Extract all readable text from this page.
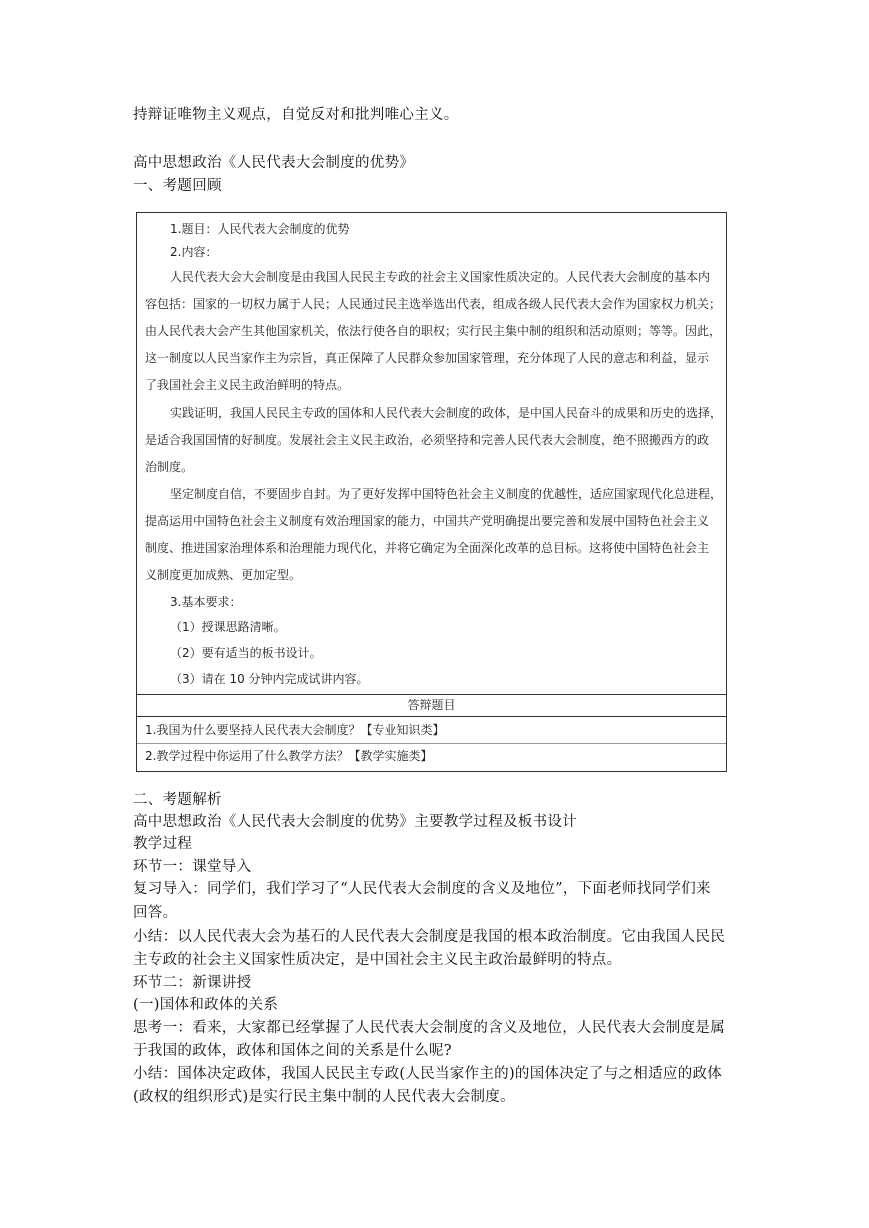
持辩证唯物主义观点，自觉反对和批判唯心主义。
高中思想政治《人民代表大会制度的优势》
一、考题回顾
1.题目：人民代表大会制度的优势
2.内容：
人民代表大会大会制度是由我国人民民主专政的社会主义国家性质决定的。人民代表大会制度的基本内
容包括：国家的一切权力属于人民；人民通过民主选举选出代表，组成各级人民代表大会作为国家权力机关；
由人民代表大会产生其他国家机关，依法行使各自的职权；实行民主集中制的组织和活动原则；等等。因此，
这一制度以人民当家作主为宗旨，真正保障了人民群众参加国家管理，充分体现了人民的意志和利益，显示
了我国社会主义民主政治鲜明的特点。
实践证明，我国人民民主专政的国体和人民代表大会制度的政体，是中国人民奋斗的成果和历史的选择，
是适合我国国情的好制度。发展社会主义民主政治，必须坚持和完善人民代表大会制度，绝不照搬西方的政
治制度。
坚定制度自信，不要固步自封。为了更好发挥中国特色社会主义制度的优越性，适应国家现代化总进程，
提高运用中国特色社会主义制度有效治理国家的能力，中国共产党明确提出要完善和发展中国特色社会主义
制度、推进国家治理体系和治理能力现代化，并将它确定为全面深化改革的总目标。这将使中国特色社会主
义制度更加成熟、更加定型。
3.基本要求：
（1）授课思路清晰。
（2）要有适当的板书设计。
（3）请在 10 分钟内完成试讲内容。
答辩题目
1.我国为什么要坚持人民代表大会制度？【专业知识类】
2.教学过程中你运用了什么教学方法？【教学实施类】
二、考题解析
高中思想政治《人民代表大会制度的优势》主要教学过程及板书设计
教学过程
环节一：课堂导入
复习导入：同学们，我们学习了“人民代表大会制度的含义及地位”，下面老师找同学们来
回答。
小结：以人民代表大会为基石的人民代表大会制度是我国的根本政治制度。它由我国人民民
主专政的社会主义国家性质决定，是中国社会主义民主政治最鲜明的特点。
环节二：新课讲授
(一)国体和政体的关系
思考一：看来，大家都已经掌握了人民代表大会制度的含义及地位，人民代表大会制度是属
于我国的政体，政体和国体之间的关系是什么呢?
小结：国体决定政体，我国人民民主专政(人民当家作主的)的国体决定了与之相适应的政体
(政权的组织形式)是实行民主集中制的人民代表大会制度。
